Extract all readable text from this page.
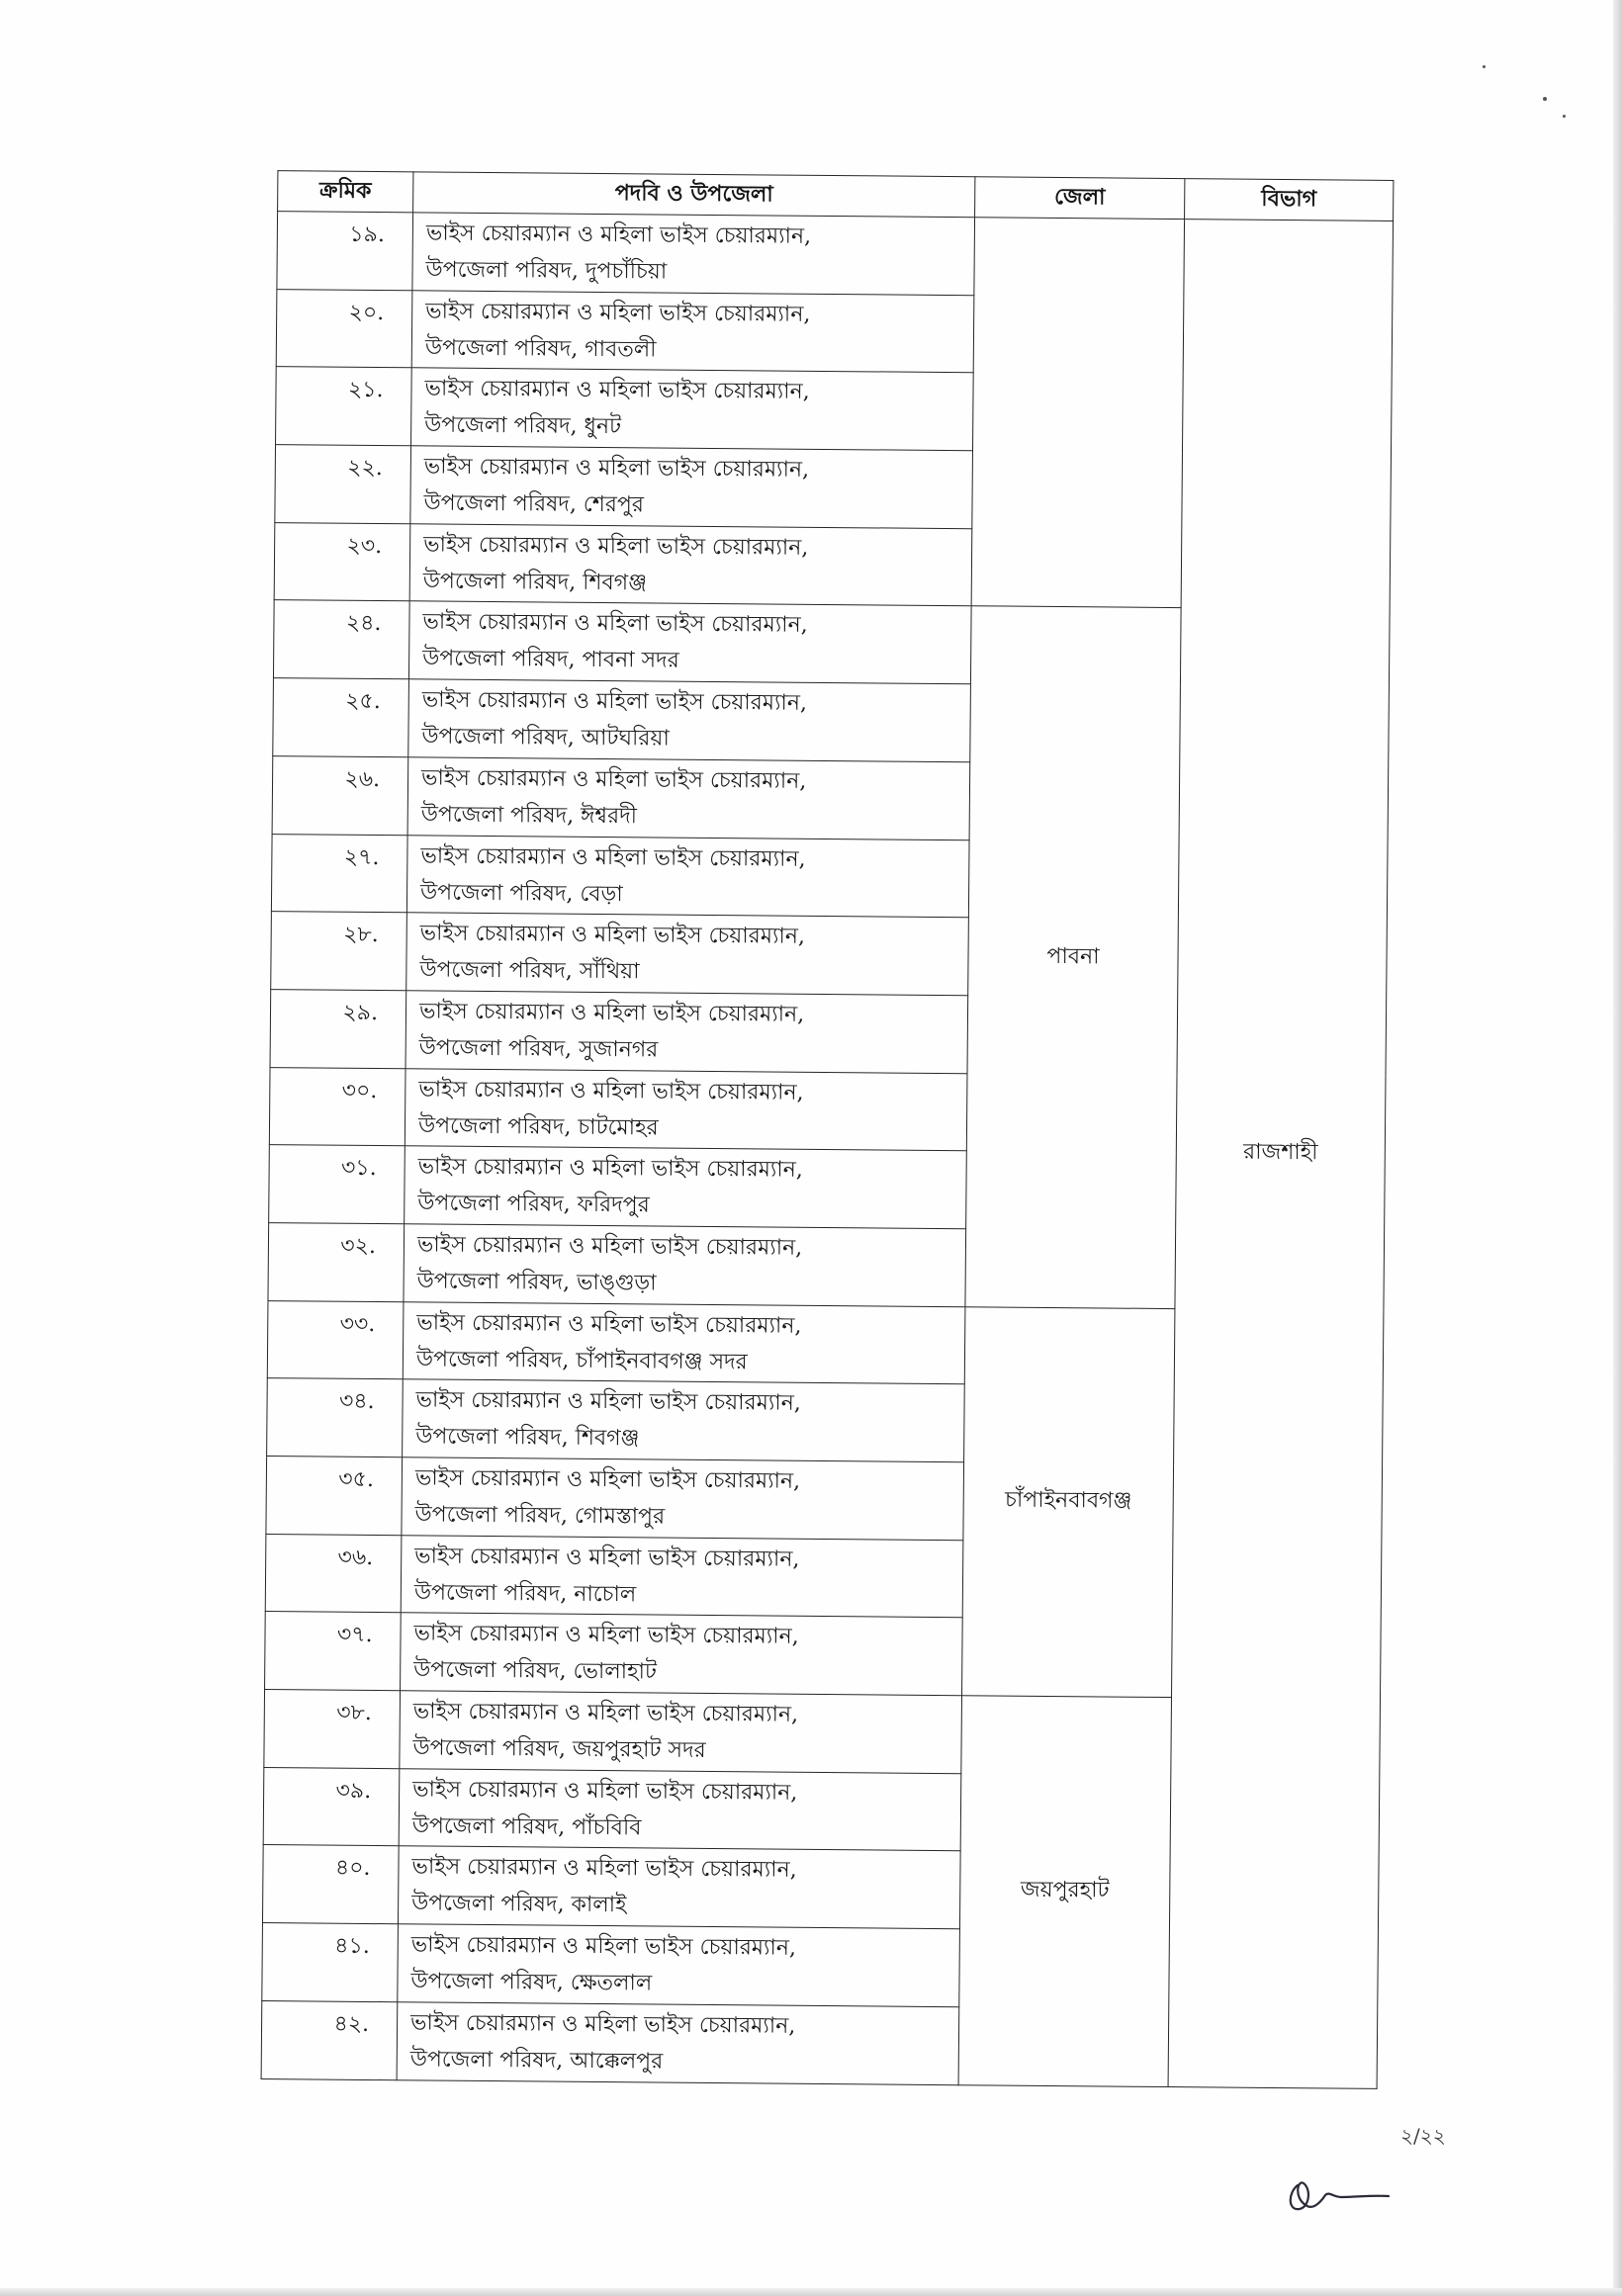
ক্রমিক	পদবি ও উপজেলা	জেলা	বিভাগ
১৯.	ভাইস চেয়ারম্যান ও মহিলা ভাইস চেয়ারম্যান,
উপজেলা পরিষদ, দুপচাঁচিয়া		রাজশাহী
২০.	ভাইস চেয়ারম্যান ও মহিলা ভাইস চেয়ারম্যান,
উপজেলা পরিষদ, গাবতলী		

২১.	ভাইস চেয়ারম্যান ও মহিলা ভাইস চেয়ারম্যান,
উপজেলা পরিষদ, ধুনট		

২২.	ভাইস চেয়ারম্যান ও মহিলা ভাইস চেয়ারম্যান,
উপজেলা পরিষদ, শেরপুর		

২৩.	ভাইস চেয়ারম্যান ও মহিলা ভাইস চেয়ারম্যান,
উপজেলা পরিষদ, শিবগঞ্জ		

২৪.	ভাইস চেয়ারম্যান ও মহিলা ভাইস চেয়ারম্যান,
উপজেলা পরিষদ, পাবনা সদর	পাবনা	
২৫.	ভাইস চেয়ারম্যান ও মহিলা ভাইস চেয়ারম্যান,
উপজেলা পরিষদ, আটঘরিয়া		

২৬.	ভাইস চেয়ারম্যান ও মহিলা ভাইস চেয়ারম্যান,
উপজেলা পরিষদ, ঈশ্বরদী		

২৭.	ভাইস চেয়ারম্যান ও মহিলা ভাইস চেয়ারম্যান,
উপজেলা পরিষদ, বেড়া		

২৮.	ভাইস চেয়ারম্যান ও মহিলা ভাইস চেয়ারম্যান,
উপজেলা পরিষদ, সাঁথিয়া		

২৯.	ভাইস চেয়ারম্যান ও মহিলা ভাইস চেয়ারম্যান,
উপজেলা পরিষদ, সুজানগর		

৩০.	ভাইস চেয়ারম্যান ও মহিলা ভাইস চেয়ারম্যান,
উপজেলা পরিষদ, চাটমোহর		

৩১.	ভাইস চেয়ারম্যান ও মহিলা ভাইস চেয়ারম্যান,
উপজেলা পরিষদ, ফরিদপুর		

৩২.	ভাইস চেয়ারম্যান ও মহিলা ভাইস চেয়ারম্যান,
উপজেলা পরিষদ, ভাঙ্গুড়া		

৩৩.	ভাইস চেয়ারম্যান ও মহিলা ভাইস চেয়ারম্যান,
উপজেলা পরিষদ, চাঁপাইনবাবগঞ্জ সদর	চাঁপাইনবাবগঞ্জ	
৩৪.	ভাইস চেয়ারম্যান ও মহিলা ভাইস চেয়ারম্যান,
উপজেলা পরিষদ, শিবগঞ্জ		

৩৫.	ভাইস চেয়ারম্যান ও মহিলা ভাইস চেয়ারম্যান,
উপজেলা পরিষদ, গোমস্তাপুর		

৩৬.	ভাইস চেয়ারম্যান ও মহিলা ভাইস চেয়ারম্যান,
উপজেলা পরিষদ, নাচোল		

৩৭.	ভাইস চেয়ারম্যান ও মহিলা ভাইস চেয়ারম্যান,
উপজেলা পরিষদ, ভোলাহাট		

৩৮.	ভাইস চেয়ারম্যান ও মহিলা ভাইস চেয়ারম্যান,
উপজেলা পরিষদ, জয়পুরহাট সদর	জয়পুরহাট	
৩৯.	ভাইস চেয়ারম্যান ও মহিলা ভাইস চেয়ারম্যান,
উপজেলা পরিষদ, পাঁচবিবি		

৪০.	ভাইস চেয়ারম্যান ও মহিলা ভাইস চেয়ারম্যান,
উপজেলা পরিষদ, কালাই		

৪১.	ভাইস চেয়ারম্যান ও মহিলা ভাইস চেয়ারম্যান,
উপজেলা পরিষদ, ক্ষেতলাল		

৪২.	ভাইস চেয়ারম্যান ও মহিলা ভাইস চেয়ারম্যান,
উপজেলা পরিষদ, আক্কেলপুর		
২/২২
